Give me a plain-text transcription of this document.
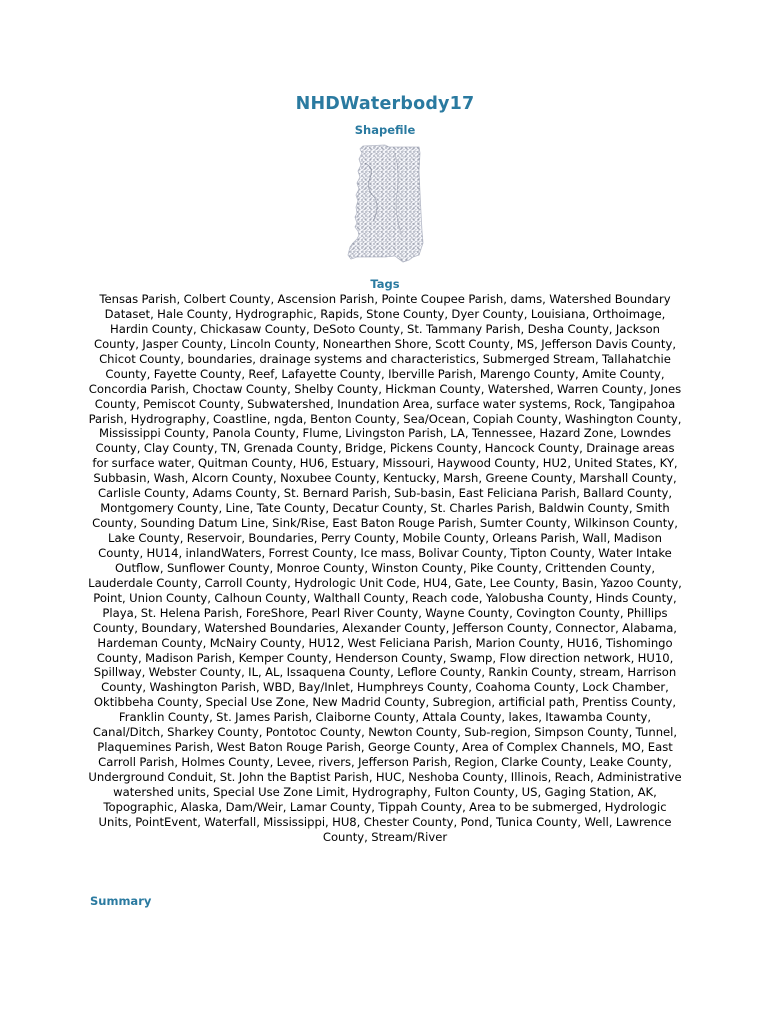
NHDWaterbody17
Shapefile
Tags
Tensas Parish, Colbert County, Ascension Parish, Pointe Coupee Parish, dams, Watershed Boundary Dataset, Hale County, Hydrographic, Rapids, Stone County, Dyer County, Louisiana, Orthoimage, Hardin County, Chickasaw County, DeSoto County, St. Tammany Parish, Desha County, Jackson County, Jasper County, Lincoln County, Nonearthen Shore, Scott County, MS, Jefferson Davis County, Chicot County, boundaries, drainage systems and characteristics, Submerged Stream, Tallahatchie County, Fayette County, Reef, Lafayette County, Iberville Parish, Marengo County, Amite County, Concordia Parish, Choctaw County, Shelby County, Hickman County, Watershed, Warren County, Jones County, Pemiscot County, Subwatershed, Inundation Area, surface water systems, Rock, Tangipahoa Parish, Hydrography, Coastline, ngda, Benton County, Sea/Ocean, Copiah County, Washington County, Mississippi County, Panola County, Flume, Livingston Parish, LA, Tennessee, Hazard Zone, Lowndes County, Clay County, TN, Grenada County, Bridge, Pickens County, Hancock County, Drainage areas for surface water, Quitman County, HU6, Estuary, Missouri, Haywood County, HU2, United States, KY, Subbasin, Wash, Alcorn County, Noxubee County, Kentucky, Marsh, Greene County, Marshall County, Carlisle County, Adams County, St. Bernard Parish, Sub-basin, East Feliciana Parish, Ballard County, Montgomery County, Line, Tate County, Decatur County, St. Charles Parish, Baldwin County, Smith County, Sounding Datum Line, Sink/Rise, East Baton Rouge Parish, Sumter County, Wilkinson County, Lake County, Reservoir, Boundaries, Perry County, Mobile County, Orleans Parish, Wall, Madison County, HU14, inlandWaters, Forrest County, Ice mass, Bolivar County, Tipton County, Water Intake Outflow, Sunflower County, Monroe County, Winston County, Pike County, Crittenden County, Lauderdale County, Carroll County, Hydrologic Unit Code, HU4, Gate, Lee County, Basin, Yazoo County, Point, Union County, Calhoun County, Walthall County, Reach code, Yalobusha County, Hinds County, Playa, St. Helena Parish, ForeShore, Pearl River County, Wayne County, Covington County, Phillips County, Boundary, Watershed Boundaries, Alexander County, Jefferson County, Connector, Alabama, Hardeman County, McNairy County, HU12, West Feliciana Parish, Marion County, HU16, Tishomingo County, Madison Parish, Kemper County, Henderson County, Swamp, Flow direction network, HU10, Spillway, Webster County, IL, AL, Issaquena County, Leflore County, Rankin County, stream, Harrison County, Washington Parish, WBD, Bay/Inlet, Humphreys County, Coahoma County, Lock Chamber, Oktibbeha County, Special Use Zone, New Madrid County, Subregion, artificial path, Prentiss County, Franklin County, St. James Parish, Claiborne County, Attala County, lakes, Itawamba County, Canal/Ditch, Sharkey County, Pontotoc County, Newton County, Sub-region, Simpson County, Tunnel, Plaquemines Parish, West Baton Rouge Parish, George County, Area of Complex Channels, MO, East Carroll Parish, Holmes County, Levee, rivers, Jefferson Parish, Region, Clarke County, Leake County, Underground Conduit, St. John the Baptist Parish, HUC, Neshoba County, Illinois, Reach, Administrative watershed units, Special Use Zone Limit, Hydrography, Fulton County, US, Gaging Station, AK, Topographic, Alaska, Dam/Weir, Lamar County, Tippah County, Area to be submerged, Hydrologic Units, PointEvent, Waterfall, Mississippi, HU8, Chester County, Pond, Tunica County, Well, Lawrence County, Stream/River
Summary
